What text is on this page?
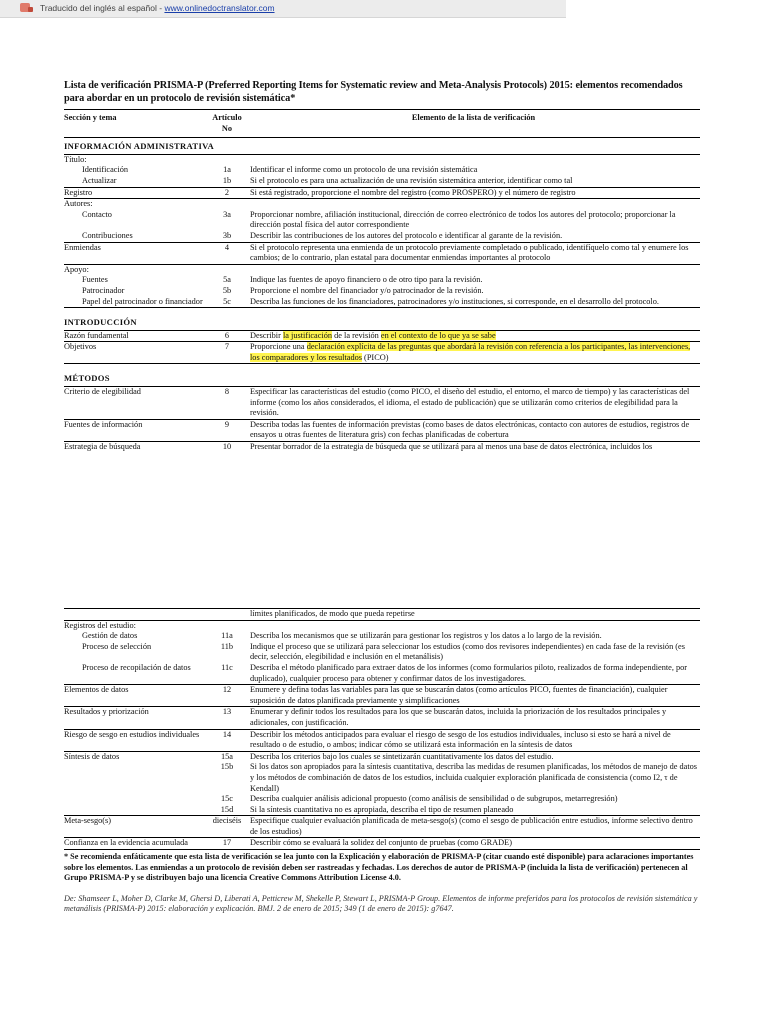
Traducido del inglés al español - www.onlinedoctranslator.com
Lista de verificación PRISMA-P (Preferred Reporting Items for Systematic review and Meta-Analysis Protocols) 2015: elementos recomendados para abordar en un protocolo de revisión sistemática*
Sección y tema	Artículo No	Elemento de la lista de verificación
INFORMACIÓN ADMINISTRATIVA		
Título:		
Identificación	1a	Identificar el informe como un protocolo de una revisión sistemática
Actualizar	1b	Si el protocolo es para una actualización de una revisión sistemática anterior, identificar como tal
Registro	2	Si está registrado, proporcione el nombre del registro (como PROSPERO) y el número de registro
Autores:		
Contacto	3a	Proporcionar nombre, afiliación institucional, dirección de correo electrónico de todos los autores del protocolo; proporcionar la dirección postal física del autor correspondiente
Contribuciones	3b	Describir las contribuciones de los autores del protocolo e identificar al garante de la revisión.
Enmiendas	4	Si el protocolo representa una enmienda de un protocolo previamente completado o publicado, identifíquelo como tal y enumere los cambios; de lo contrario, plan estatal para documentar enmiendas importantes al protocolo
Apoyo:		
Fuentes	5a	Indique las fuentes de apoyo financiero o de otro tipo para la revisión.
Patrocinador	5b	Proporcione el nombre del financiador y/o patrocinador de la revisión.
Papel del patrocinador o financiador	5c	Describa las funciones de los financiadores, patrocinadores y/o instituciones, si corresponde, en el desarrollo del protocolo.
INTRODUCCIÓN		
Razón fundamental	6	Describir la justificación de la revisión en el contexto de lo que ya se sabe
Objetivos	7	Proporcione una declaración explícita de las preguntas que abordará la revisión con referencia a los participantes, las intervenciones, los comparadores y los resultados (PICO)
MÉTODOS		
Criterio de elegibilidad	8	Especificar las características del estudio (como PICO, el diseño del estudio, el entorno, el marco de tiempo) y las características del informe (como los años considerados, el idioma, el estado de publicación) que se utilizarán como criterios de elegibilidad para la revisión.
Fuentes de información	9	Describa todas las fuentes de información previstas (como bases de datos electrónicas, contacto con autores de estudios, registros de ensayos u otras fuentes de literatura gris) con fechas planificadas de cobertura
Estrategia de búsqueda	10	Presentar borrador de la estrategia de búsqueda que se utilizará para al menos una base de datos electrónica, incluidos los
		límites planificados, de modo que pueda repetirse
Registros del estudio:		
Gestión de datos	11a	Describa los mecanismos que se utilizarán para gestionar los registros y los datos a lo largo de la revisión.
Proceso de selección	11b	Indique el proceso que se utilizará para seleccionar los estudios (como dos revisores independientes) en cada fase de la revisión (es decir, selección, elegibilidad e inclusión en el metanálisis)
Proceso de recopilación de datos	11c	Describa el método planificado para extraer datos de los informes (como formularios piloto, realizados de forma independiente, por duplicado), cualquier proceso para obtener y confirmar datos de los investigadores.
Elementos de datos	12	Enumere y defina todas las variables para las que se buscarán datos (como artículos PICO, fuentes de financiación), cualquier suposición de datos planificada previamente y simplificaciones
Resultados y priorización	13	Enumerar y definir todos los resultados para los que se buscarán datos, incluida la priorización de los resultados principales y adicionales, con justificación.
Riesgo de sesgo en estudios individuales	14	Describir los métodos anticipados para evaluar el riesgo de sesgo de los estudios individuales, incluso si esto se hará a nivel de resultado o de estudio, o ambos; indicar cómo se utilizará esta información en la síntesis de datos
Síntesis de datos	15a	Describa los criterios bajo los cuales se sintetizarán cuantitativamente los datos del estudio.
	15b	Si los datos son apropiados para la síntesis cuantitativa, describa las medidas de resumen planificadas, los métodos de manejo de datos y los métodos de combinación de datos de los estudios, incluida cualquier exploración planificada de consistencia (como I2, τ de Kendall)
	15c	Describa cualquier análisis adicional propuesto (como análisis de sensibilidad o de subgrupos, metarregresión)
	15d	Si la síntesis cuantitativa no es apropiada, describa el tipo de resumen planeado
Meta-sesgo(s)	dieciséis	Especifique cualquier evaluación planificada de meta-sesgo(s) (como el sesgo de publicación entre estudios, informe selectivo dentro de los estudios)
Confianza en la evidencia acumulada	17	Describir cómo se evaluará la solidez del conjunto de pruebas (como GRADE)
* Se recomienda enfáticamente que esta lista de verificación se lea junto con la Explicación y elaboración de PRISMA-P (citar cuando esté disponible) para aclaraciones importantes sobre los elementos. Las enmiendas a un protocolo de revisión deben ser rastreadas y fechadas. Los derechos de autor de PRISMA-P (incluida la lista de verificación) pertenecen al Grupo PRISMA-P y se distribuyen bajo una licencia Creative Commons Attribution License 4.0.
De: Shamseer L, Moher D, Clarke M, Ghersi D, Liberati A, Petticrew M, Shekelle P, Stewart L, PRISMA-P Group. Elementos de informe preferidos para los protocolos de revisión sistemática y metanálisis (PRISMA-P) 2015: elaboración y explicación. BMJ. 2 de enero de 2015; 349 (1 de enero de 2015): g7647.
